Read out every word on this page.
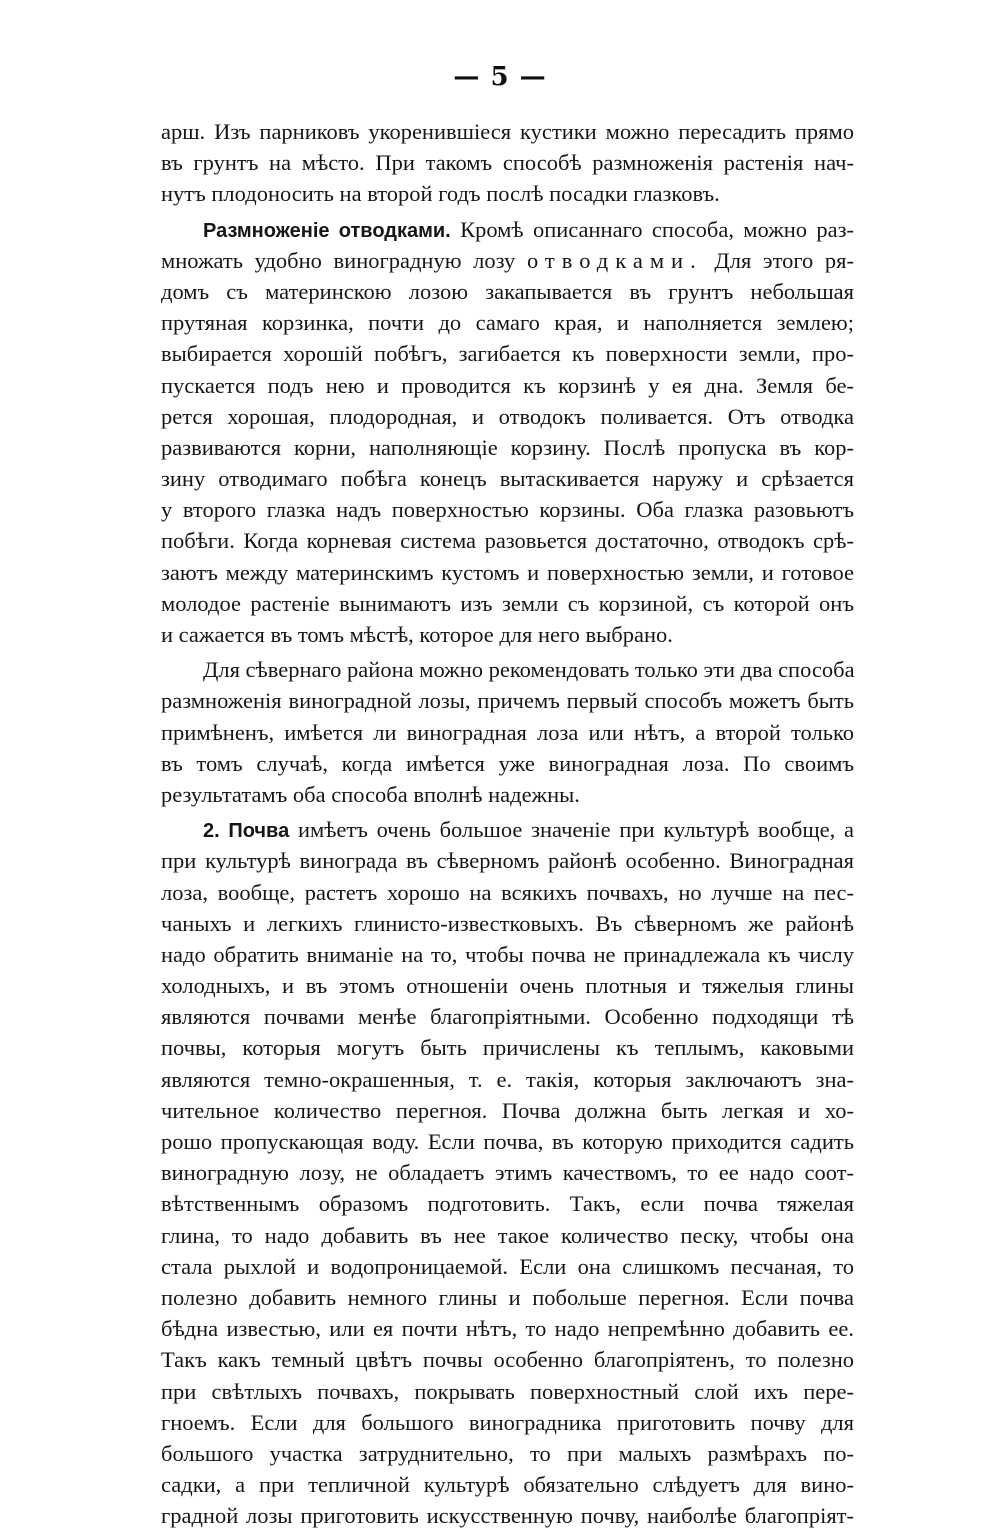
— 5 —
арш. Изъ парниковъ укоренившіеся кустики можно пересадить прямо
въ грунтъ на мѣсто. При такомъ способѣ размноженія растенія нач-
нутъ плодоносить на второй годъ послѣ посадки глазковъ.
Размноженіе отводками. Кромѣ описаннаго способа, можно раз-
множать удобно виноградную лозу отводками. Для этого ря-
домъ съ материнскою лозою закапывается въ грунтъ небольшая
прутяная корзинка, почти до самаго края, и наполняется землею;
выбирается хорошій побѣгъ, загибается къ поверхности земли, про-
пускается подъ нею и проводится къ корзинѣ у ея дна. Земля бе-
рется хорошая, плодородная, и отводокъ поливается. Отъ отводка
развиваются корни, наполняющіе корзину. Послѣ пропуска въ кор-
зину отводимаго побѣга конецъ вытаскивается наружу и срѣзается
у второго глазка надъ поверхностью корзины. Оба глазка разовьютъ
побѣги. Когда корневая система разовьется достаточно, отводокъ срѣ-
заютъ между материнскимъ кустомъ и поверхностью земли, и готовое
молодое растеніе вынимаютъ изъ земли съ корзиной, съ которой онъ
и сажается въ томъ мѣстѣ, которое для него выбрано.
Для сѣвернаго района можно рекомендовать только эти два способа
размноженія виноградной лозы, причемъ первый способъ можетъ быть
примѣненъ, имѣется ли виноградная лоза или нѣтъ, а второй только
въ томъ случаѣ, когда имѣется уже виноградная лоза. По своимъ
результатамъ оба способа вполнѣ надежны.
2. Почва имѣетъ очень большое значеніе при культурѣ вообще, а
при культурѣ винограда въ сѣверномъ районѣ особенно. Виноградная
лоза, вообще, растетъ хорошо на всякихъ почвахъ, но лучше на пес-
чаныхъ и легкихъ глинисто-известковыхъ. Въ сѣверномъ же районѣ
надо обратить вниманіе на то, чтобы почва не принадлежала къ числу
холодныхъ, и въ этомъ отношеніи очень плотныя и тяжелыя глины
являются почвами менѣе благопріятными. Особенно подходящи тѣ
почвы, которыя могутъ быть причислены къ теплымъ, каковыми
являются темно-окрашенныя, т. е. такія, которыя заключаютъ зна-
чительное количество перегноя. Почва должна быть легкая и хо-
рошо пропускающая воду. Если почва, въ которую приходится садить
виноградную лозу, не обладаетъ этимъ качествомъ, то ее надо соот-
вѣтственнымъ образомъ подготовить. Такъ, если почва тяжелая
глина, то надо добавить въ нее такое количество песку, чтобы она
стала рыхлой и водопроницаемой. Если она слишкомъ песчаная, то
полезно добавить немного глины и побольше перегноя. Если почва
бѣдна известью, или ея почти нѣтъ, то надо непремѣнно добавить ее.
Такъ какъ темный цвѣтъ почвы особенно благопріятенъ, то полезно
при свѣтлыхъ почвахъ, покрывать поверхностный слой ихъ пере-
гноемъ. Если для большого виноградника приготовить почву для
большого участка затруднительно, то при малыхъ размѣрахъ по-
садки, а при тепличной культурѣ обязательно слѣдуетъ для вино-
градной лозы приготовить искусственную почву, наиболѣе благопріят-
